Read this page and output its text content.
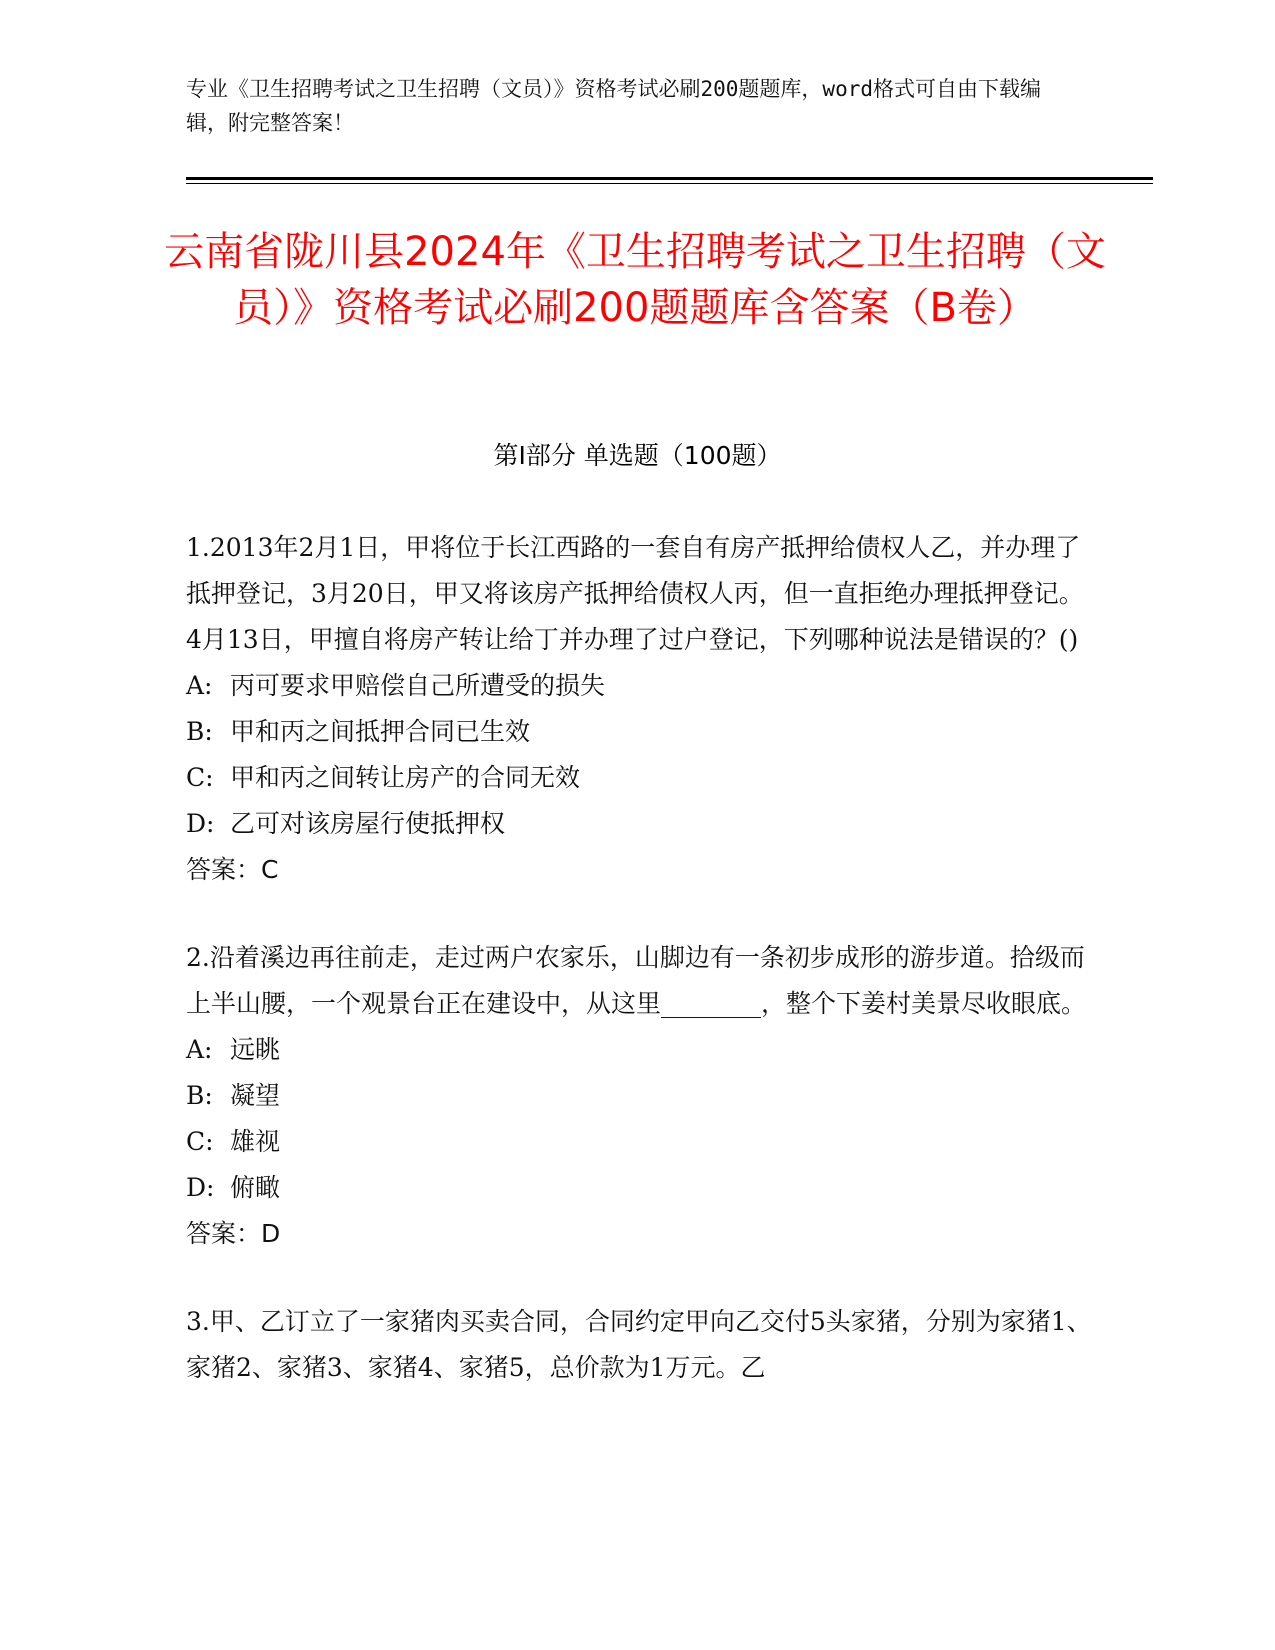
专业《卫生招聘考试之卫生招聘（文员）》资格考试必刷200题题库，word格式可自由下载编辑，附完整答案！
云南省陇川县2024年《卫生招聘考试之卫生招聘（文员）》资格考试必刷200题题库含答案（B卷）
第Ⅰ部分 单选题（100题）

1.2013年2月1日，甲将位于长江西路的一套自有房产抵押给债权人乙，并办理了抵押登记，3月20日，甲又将该房产抵押给债权人丙，但一直拒绝办理抵押登记。4月13日，甲擅自将房产转让给丁并办理了过户登记，下列哪种说法是错误的？()

A: 丙可要求甲赔偿自己所遭受的损失

B: 甲和丙之间抵押合同已生效

C: 甲和丙之间转让房产的合同无效

D: 乙可对该房屋行使抵押权

答案：C

2.沿着溪边再往前走，走过两户农家乐，山脚边有一条初步成形的游步道。拾级而上半山腰，一个观景台正在建设中，从这里________，整个下姜村美景尽收眼底。

A: 远眺

B: 凝望

C: 雄视

D: 俯瞰

答案：D

3.甲、乙订立了一家猪肉买卖合同，合同约定甲向乙交付5头家猪，分别为家猪1、家猪2、家猪3、家猪4、家猪5，总价款为1万元。乙
